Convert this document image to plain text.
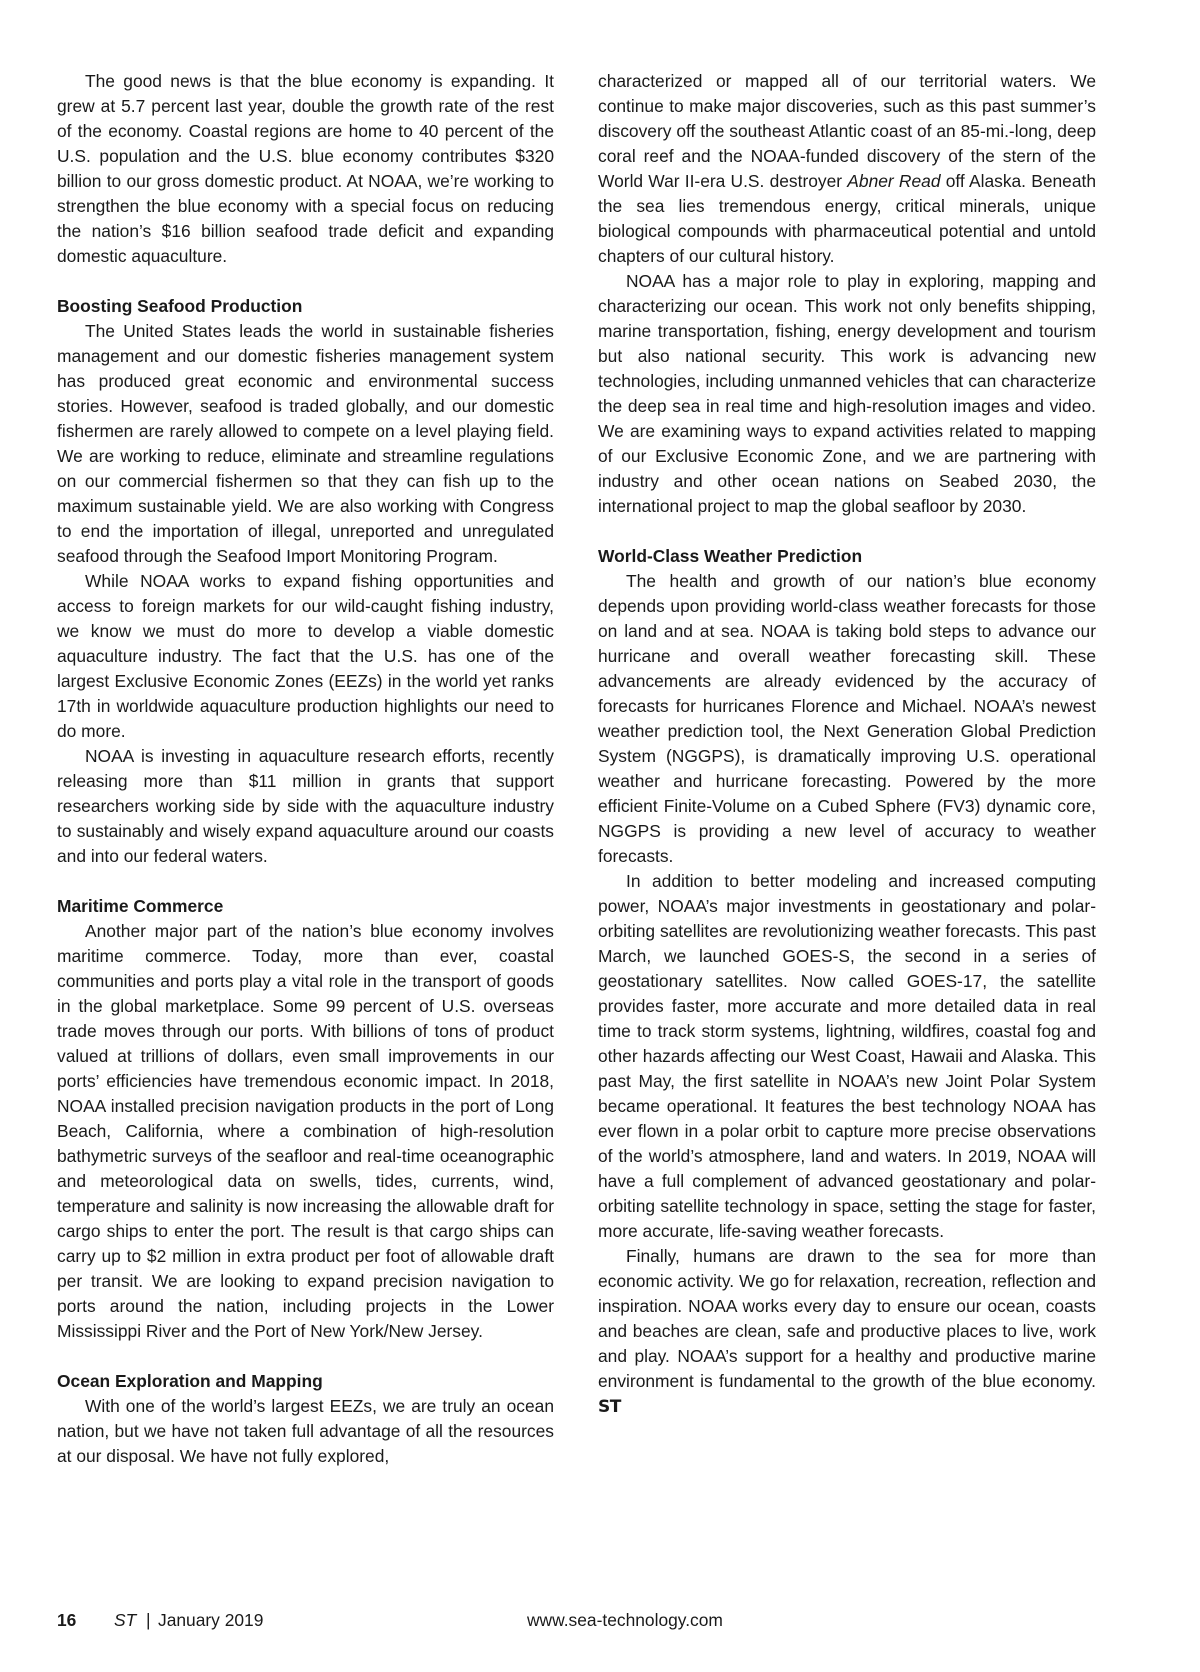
The good news is that the blue economy is expanding. It grew at 5.7 percent last year, double the growth rate of the rest of the economy. Coastal regions are home to 40 percent of the U.S. population and the U.S. blue economy contributes $320 billion to our gross domestic product. At NOAA, we’re working to strengthen the blue economy with a special focus on reducing the nation’s $16 billion seafood trade deficit and expanding domestic aquaculture.

Boosting Seafood Production

The United States leads the world in sustainable fisheries management and our domestic fisheries management system has produced great economic and environmental success stories. However, seafood is traded globally, and our domestic fishermen are rarely allowed to compete on a level playing field. We are working to reduce, eliminate and streamline regulations on our commercial fishermen so that they can fish up to the maximum sustainable yield. We are also working with Congress to end the importation of illegal, unreported and unregulated seafood through the Seafood Import Monitoring Program.

While NOAA works to expand fishing opportunities and access to foreign markets for our wild-caught fishing industry, we know we must do more to develop a viable domestic aquaculture industry. The fact that the U.S. has one of the largest Exclusive Economic Zones (EEZs) in the world yet ranks 17th in worldwide aquaculture production highlights our need to do more.

NOAA is investing in aquaculture research efforts, recently releasing more than $11 million in grants that support researchers working side by side with the aquaculture industry to sustainably and wisely expand aquaculture around our coasts and into our federal waters.

Maritime Commerce

Another major part of the nation’s blue economy involves maritime commerce. Today, more than ever, coastal communities and ports play a vital role in the transport of goods in the global marketplace. Some 99 percent of U.S. overseas trade moves through our ports. With billions of tons of product valued at trillions of dollars, even small improvements in our ports’ efficiencies have tremendous economic impact. In 2018, NOAA installed precision navigation products in the port of Long Beach, California, where a combination of high-resolution bathymetric surveys of the seafloor and real-time oceanographic and meteorological data on swells, tides, currents, wind, temperature and salinity is now increasing the allowable draft for cargo ships to enter the port. The result is that cargo ships can carry up to $2 million in extra product per foot of allowable draft per transit. We are looking to expand precision navigation to ports around the nation, including projects in the Lower Mississippi River and the Port of New York/New Jersey.

Ocean Exploration and Mapping

With one of the world’s largest EEZs, we are truly an ocean nation, but we have not taken full advantage of all the resources at our disposal. We have not fully explored,

characterized or mapped all of our territorial waters. We continue to make major discoveries, such as this past summer’s discovery off the southeast Atlantic coast of an 85-mi.-long, deep coral reef and the NOAA-funded discovery of the stern of the World War II-era U.S. destroyer Abner Read off Alaska. Beneath the sea lies tremendous energy, critical minerals, unique biological compounds with pharmaceutical potential and untold chapters of our cultural history.

NOAA has a major role to play in exploring, mapping and characterizing our ocean. This work not only benefits shipping, marine transportation, fishing, energy development and tourism but also national security. This work is advancing new technologies, including unmanned vehicles that can characterize the deep sea in real time and high-resolution images and video. We are examining ways to expand activities related to mapping of our Exclusive Economic Zone, and we are partnering with industry and other ocean nations on Seabed 2030, the international project to map the global seafloor by 2030.

World-Class Weather Prediction

The health and growth of our nation’s blue economy depends upon providing world-class weather forecasts for those on land and at sea. NOAA is taking bold steps to advance our hurricane and overall weather forecasting skill. These advancements are already evidenced by the accuracy of forecasts for hurricanes Florence and Michael. NOAA’s newest weather prediction tool, the Next Generation Global Prediction System (NGGPS), is dramatically improving U.S. operational weather and hurricane forecasting. Powered by the more efficient Finite-Volume on a Cubed Sphere (FV3) dynamic core, NGGPS is providing a new level of accuracy to weather forecasts.

In addition to better modeling and increased computing power, NOAA’s major investments in geostationary and polar-orbiting satellites are revolutionizing weather forecasts. This past March, we launched GOES-S, the second in a series of geostationary satellites. Now called GOES-17, the satellite provides faster, more accurate and more detailed data in real time to track storm systems, lightning, wildfires, coastal fog and other hazards affecting our West Coast, Hawaii and Alaska. This past May, the first satellite in NOAA’s new Joint Polar System became operational. It features the best technology NOAA has ever flown in a polar orbit to capture more precise observations of the world’s atmosphere, land and waters. In 2019, NOAA will have a full complement of advanced geostationary and polar-orbiting satellite technology in space, setting the stage for faster, more accurate, life-saving weather forecasts.

Finally, humans are drawn to the sea for more than economic activity. We go for relaxation, recreation, reflection and inspiration. NOAA works every day to ensure our ocean, coasts and beaches are clean, safe and productive places to live, work and play. NOAA’s support for a healthy and productive marine environment is fundamental to the growth of the blue economy. ST

16 ST | January 2019	www.sea-technology.com
